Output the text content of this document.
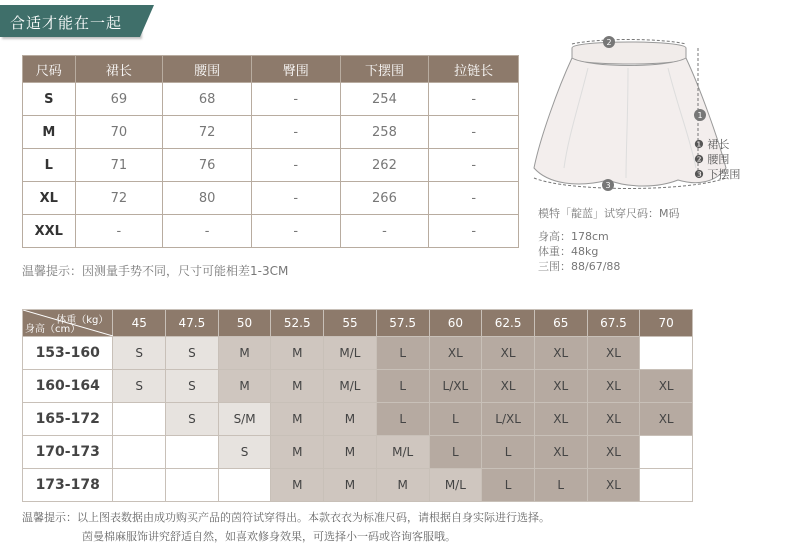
合适才能在一起
尺码	裙长	腰围	臀围	下摆围	拉链长
S	69	68	-	254	-
M	70	72	-	258	-
L	71	76	-	262	-
XL	72	80	-	266	-
XXL	-	-	-	-	-
温馨提示：因测量手势不同，尺寸可能相差1-3CM
2
1
3
❶ 裙长
❷ 腰围
❸ 下摆围
模特「靛蓝」试穿尺码：M码
身高：178cm
体重：48kg
三围：88/67/88
体重（kg）
身高（cm）	45	47.5	50	52.5	55	57.5	60	62.5	65	67.5	70
153-160	S	S	M	M	M/L	L	XL	XL	XL	XL	
160-164	S	S	M	M	M/L	L	L/XL	XL	XL	XL	XL
165-172		S	S/M	M	M	L	L	L/XL	XL	XL	XL
170-173			S	M	M	M/L	L	L	XL	XL	
173-178				M	M	M	M/L	L	L	XL	
温馨提示：以上图表数据由成功购买产品的茵符试穿得出。本款衣衣为标准尺码，请根据自身实际进行选择。
茵曼棉麻服饰讲究舒适自然，如喜欢修身效果，可选择小一码或咨询客服哦。
